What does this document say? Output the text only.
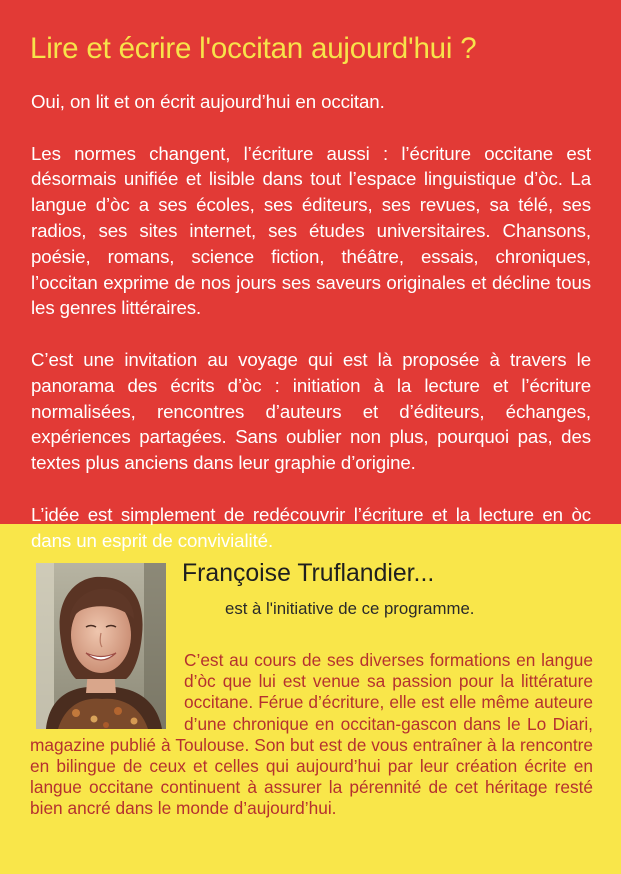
Lire et écrire l'occitan aujourd'hui ?

Oui, on lit et on écrit aujourd’hui en occitan.

Les normes changent, l’écriture aussi : l’écriture occitane est désormais unifiée et lisible dans tout l’espace linguistique d’òc. La langue d’òc a ses écoles, ses éditeurs, ses revues, sa télé, ses radios, ses sites internet, ses études universitaires. Chansons, poésie, romans, science fiction, théâtre, essais, chroniques, l’occitan exprime de nos jours ses saveurs originales et décline tous les genres littéraires.

C’est une invitation au voyage qui est là proposée à travers le panorama des écrits d’òc : initiation à la lecture et l’écriture normalisées, rencontres d’auteurs et d’éditeurs, échanges, expériences partagées. Sans oublier non plus, pourquoi pas, des textes plus anciens dans leur graphie d’origine.

L’idée est simplement de redécouvrir l’écriture et la lecture en òc dans un esprit de convivialité.

Françoise Truflandier...

est à l'initiative de ce programme.

C’est au cours de ses diverses formations en langue d’òc que lui est venue sa passion pour la littérature occitane. Férue d’écriture, elle est elle même auteure d’une chronique en occitan-gascon dans le Lo Diari, magazine publié à Toulouse. Son but est de vous entraîner à la rencontre en bilingue de ceux et celles qui aujourd’hui par leur création écrite en langue occitane continuent à assurer la pérennité de cet héritage resté bien ancré dans le monde d’aujourd’hui.
